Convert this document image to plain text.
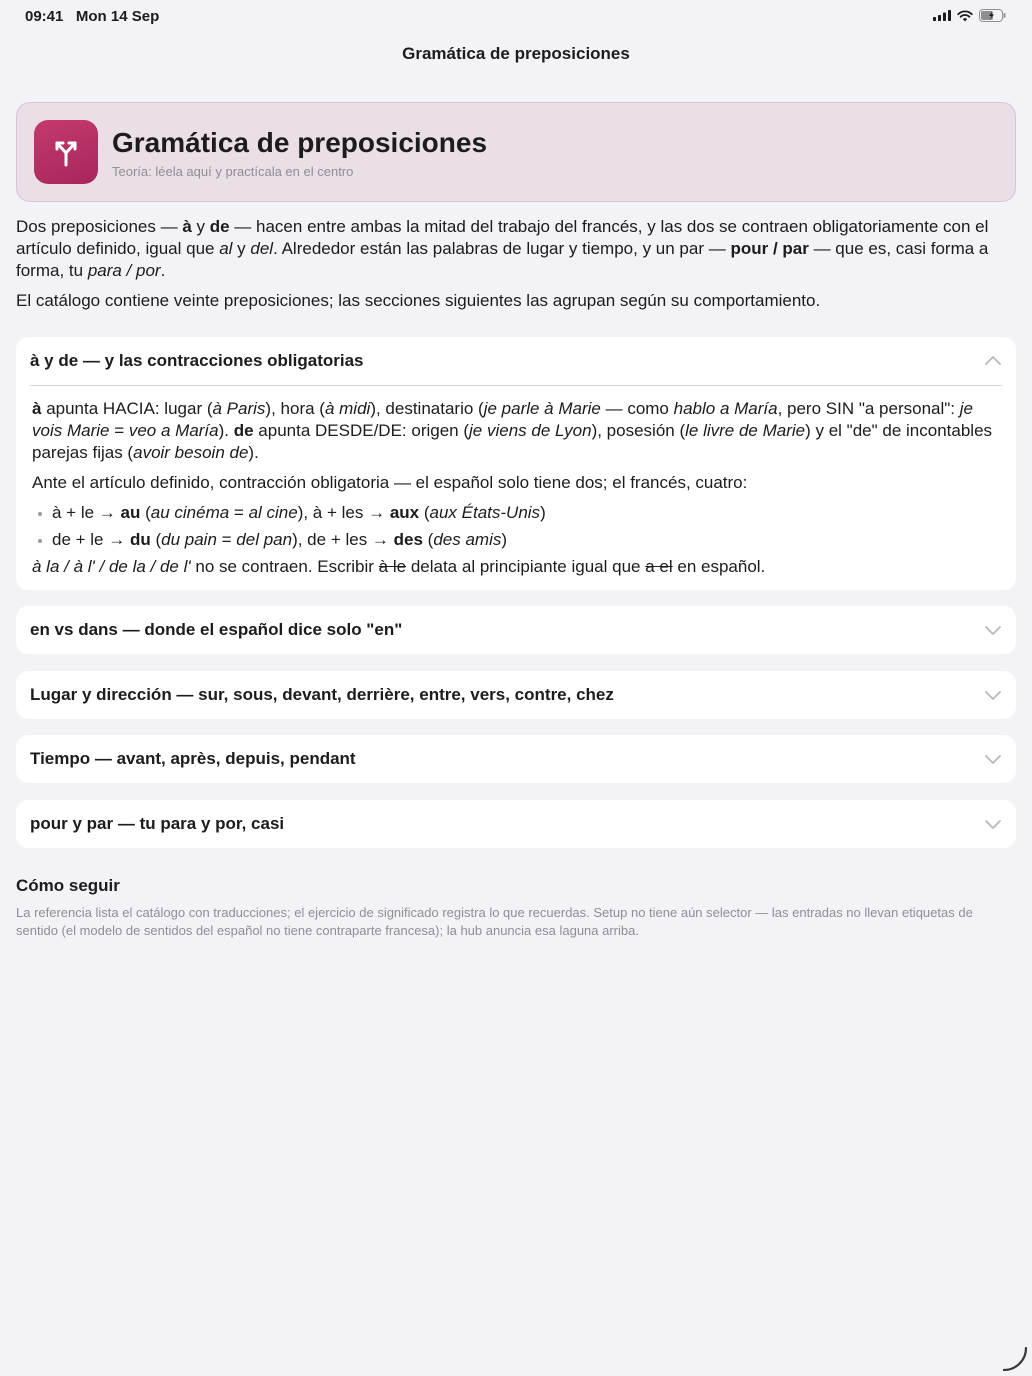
09:41 Mon 14 Sep
Gramática de preposiciones
Gramática de preposiciones
Teoría: léela aquí y practícala en el centro

Dos preposiciones — à y de — hacen entre ambas la mitad del trabajo del francés, y las dos se contraen obligatoriamente con el artículo definido, igual que al y del. Alrededor están las palabras de lugar y tiempo, y un par — pour / par — que es, casi forma a forma, tu para / por.

El catálogo contiene veinte preposiciones; las secciones siguientes las agrupan según su comportamiento.

à y de — y las contracciones obligatorias

à apunta HACIA: lugar (à Paris), hora (à midi), destinatario (je parle à Marie — como hablo a María, pero SIN "a personal": je vois Marie = veo a María). de apunta DESDE/DE: origen (je viens de Lyon), posesión (le livre de Marie) y el "de" de incontables parejas fijas (avoir besoin de).

Ante el artículo definido, contracción obligatoria — el español solo tiene dos; el francés, cuatro:

à + le → au (au cinéma = al cine), à + les → aux (aux États-Unis)
de + le → du (du pain = del pan), de + les → des (des amis)

à la / à l' / de la / de l' no se contraen. Escribir à le delata al principiante igual que a el en español.

en vs dans — donde el español dice solo "en"
Lugar y dirección — sur, sous, devant, derrière, entre, vers, contre, chez
Tiempo — avant, après, depuis, pendant
pour y par — tu para y por, casi
Cómo seguir
La referencia lista el catálogo con traducciones; el ejercicio de significado registra lo que recuerdas. Setup no tiene aún selector — las entradas no llevan etiquetas de sentido (el modelo de sentidos del español no tiene contraparte francesa); la hub anuncia esa laguna arriba.
